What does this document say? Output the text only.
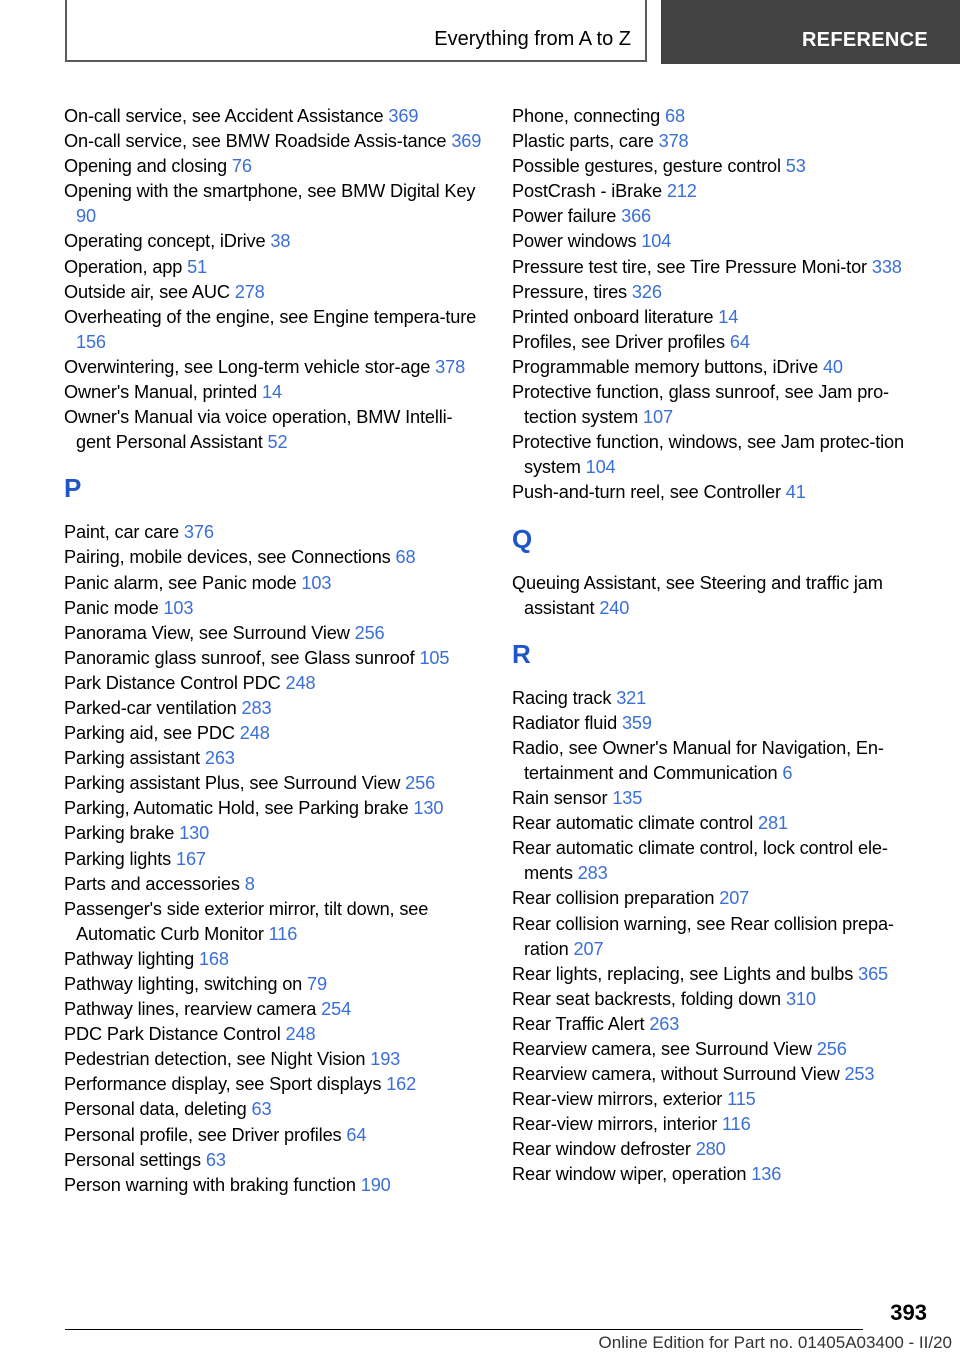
Everything from A to Z	REFERENCE
On-call service, see Accident Assistance 369
On-call service, see BMW Roadside Assis‐tance 369
Opening and closing 76
Opening with the smartphone, see BMW Digital Key 90
Operating concept, iDrive 38
Operation, app 51
Outside air, see AUC 278
Overheating of the engine, see Engine tempera‐ture 156
Overwintering, see Long-term vehicle stor‐age 378
Owner's Manual, printed 14
Owner's Manual via voice operation, BMW Intelli‐gent Personal Assistant 52
P
Paint, car care 376
Pairing, mobile devices, see Connections 68
Panic alarm, see Panic mode 103
Panic mode 103
Panorama View, see Surround View 256
Panoramic glass sunroof, see Glass sunroof 105
Park Distance Control PDC 248
Parked-car ventilation 283
Parking aid, see PDC 248
Parking assistant 263
Parking assistant Plus, see Surround View 256
Parking, Automatic Hold, see Parking brake 130
Parking brake 130
Parking lights 167
Parts and accessories 8
Passenger's side exterior mirror, tilt down, see Automatic Curb Monitor 116
Pathway lighting 168
Pathway lighting, switching on 79
Pathway lines, rearview camera 254
PDC Park Distance Control 248
Pedestrian detection, see Night Vision 193
Performance display, see Sport displays 162
Personal data, deleting 63
Personal profile, see Driver profiles 64
Personal settings 63
Person warning with braking function 190
Phone, connecting 68
Plastic parts, care 378
Possible gestures, gesture control 53
PostCrash - iBrake 212
Power failure 366
Power windows 104
Pressure test tire, see Tire Pressure Moni‐tor 338
Pressure, tires 326
Printed onboard literature 14
Profiles, see Driver profiles 64
Programmable memory buttons, iDrive 40
Protective function, glass sunroof, see Jam pro‐tection system 107
Protective function, windows, see Jam protec‐tion system 104
Push-and-turn reel, see Controller 41
Q
Queuing Assistant, see Steering and traffic jam assistant 240
R
Racing track 321
Radiator fluid 359
Radio, see Owner's Manual for Navigation, En‐tertainment and Communication 6
Rain sensor 135
Rear automatic climate control 281
Rear automatic climate control, lock control ele‐ments 283
Rear collision preparation 207
Rear collision warning, see Rear collision prepa‐ration 207
Rear lights, replacing, see Lights and bulbs 365
Rear seat backrests, folding down 310
Rear Traffic Alert 263
Rearview camera, see Surround View 256
Rearview camera, without Surround View 253
Rear-view mirrors, exterior 115
Rear-view mirrors, interior 116
Rear window defroster 280
Rear window wiper, operation 136
393
Online Edition for Part no. 01405A03400 - II/20
